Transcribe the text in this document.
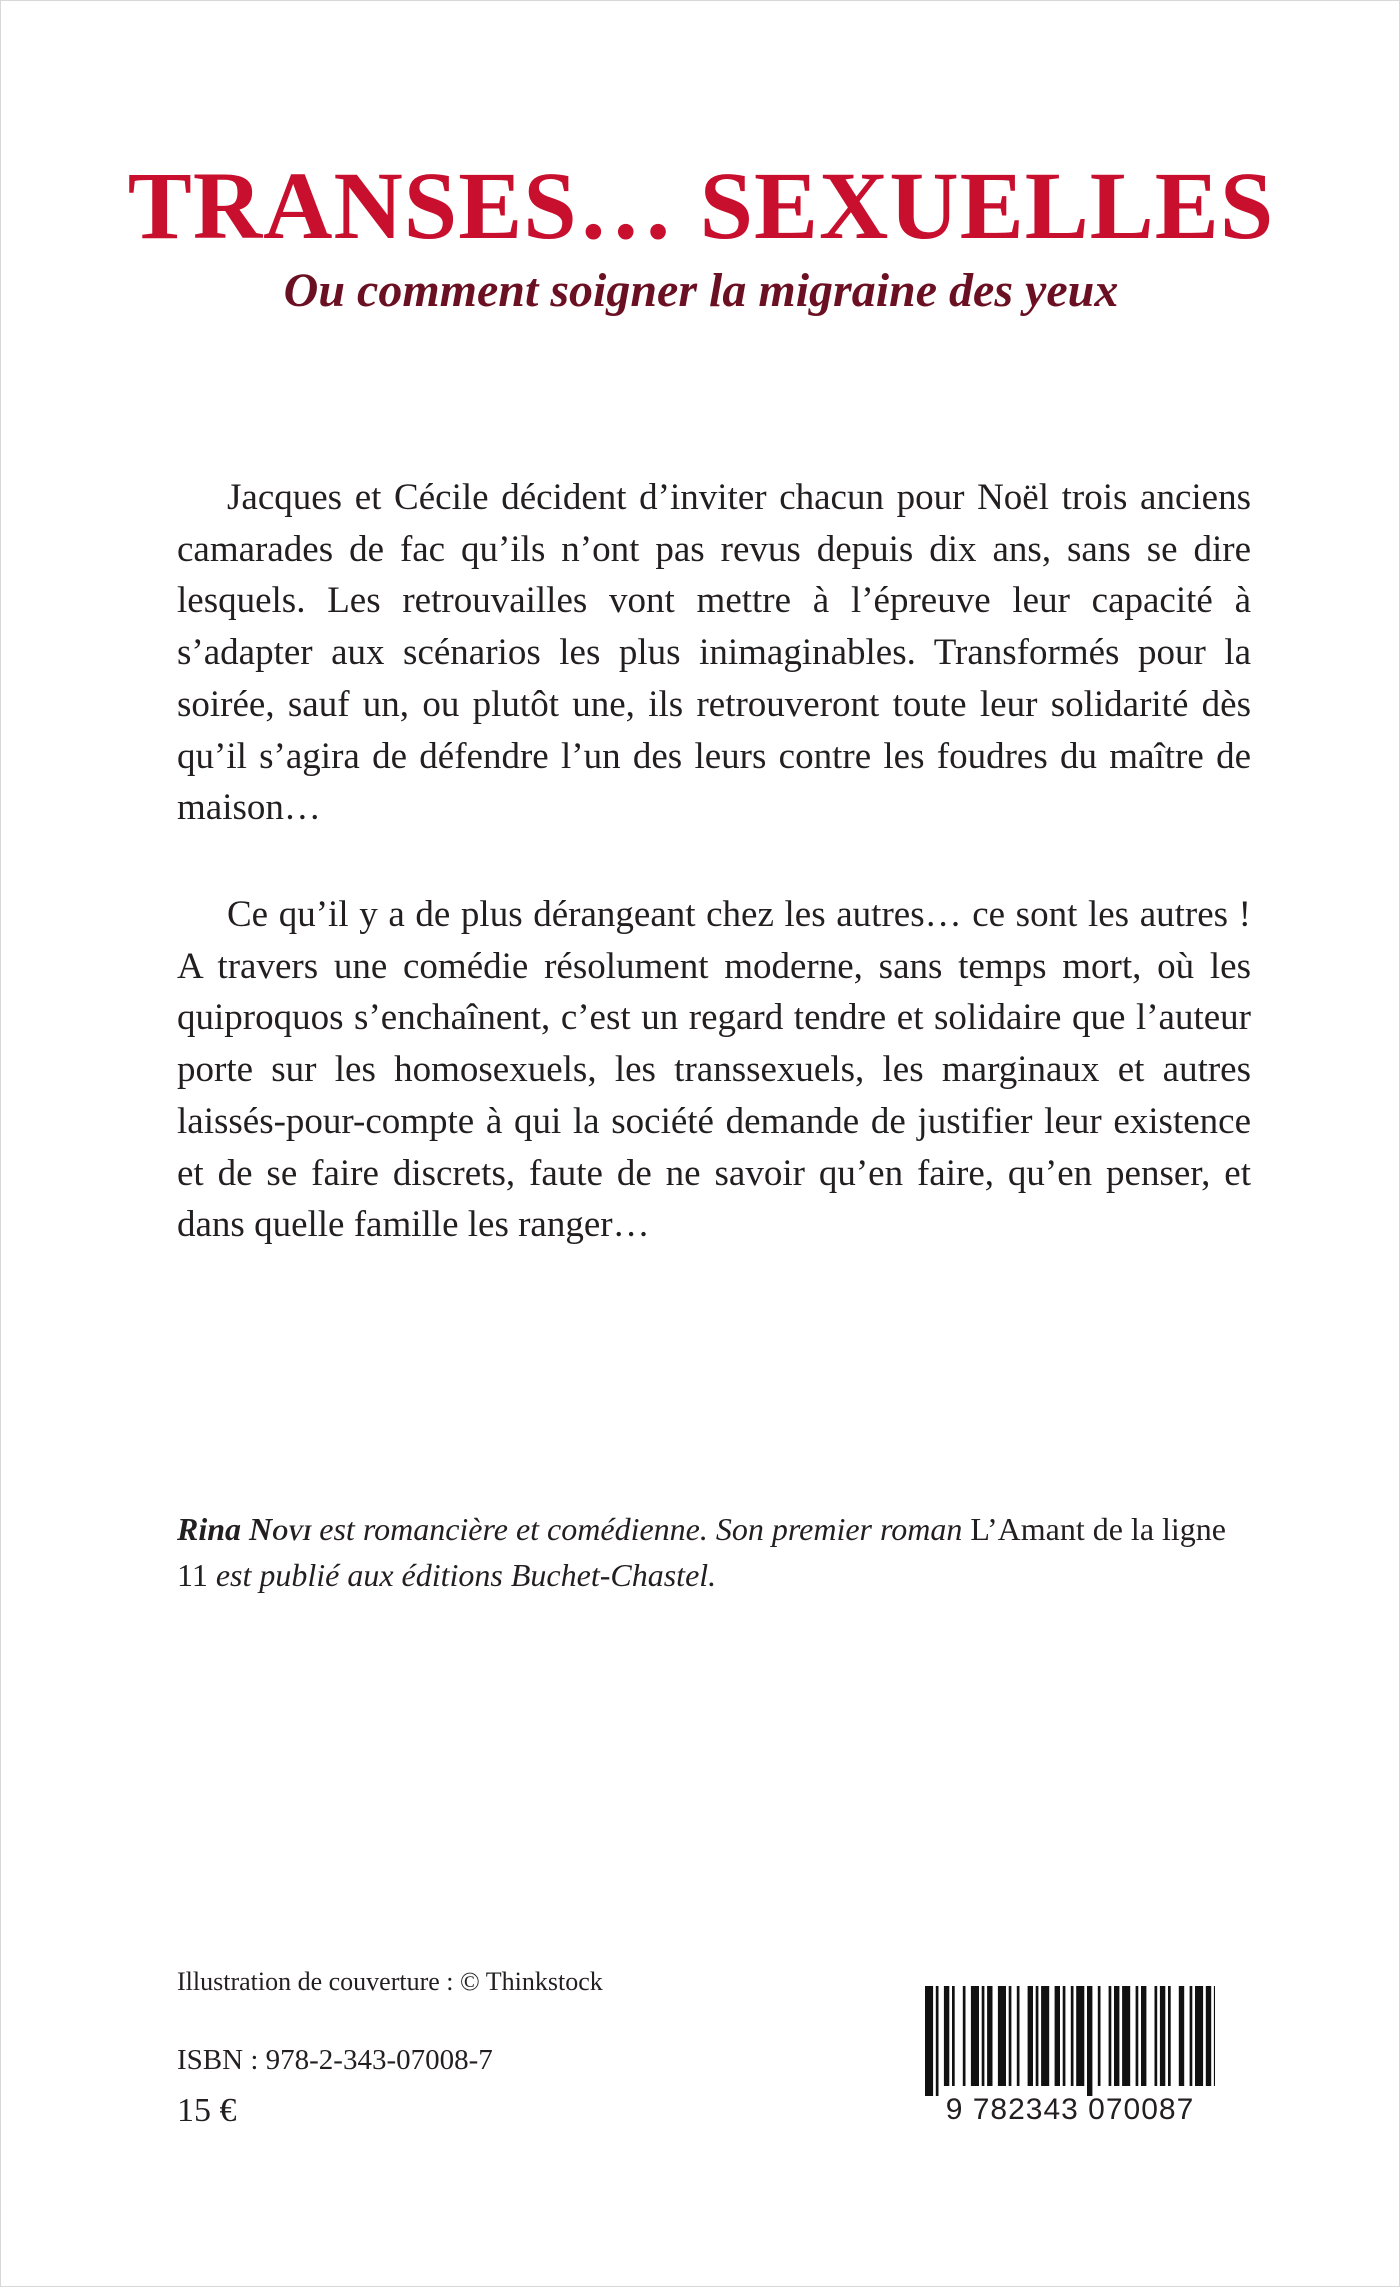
TRANSES… SEXUELLES
Ou comment soigner la migraine des yeux

Jacques et Cécile décident d’inviter chacun pour Noël trois anciens camarades de fac qu’ils n’ont pas revus depuis dix ans, sans se dire lesquels. Les retrouvailles vont mettre à l’épreuve leur capacité à s’adapter aux scénarios les plus inimaginables. Transformés pour la soirée, sauf un, ou plutôt une, ils retrouveront toute leur solidarité dès qu’il s’agira de défendre l’un des leurs contre les foudres du maître de maison…

Ce qu’il y a de plus dérangeant chez les autres… ce sont les autres ! A travers une comédie résolument moderne, sans temps mort, où les quiproquos s’enchaînent, c’est un regard tendre et solidaire que l’auteur porte sur les homosexuels, les transsexuels, les marginaux et autres laissés-pour-compte à qui la société demande de justifier leur existence et de se faire discrets, faute de ne savoir qu’en faire, qu’en penser, et dans quelle famille les ranger…

Rina Novi est romancière et comédienne. Son premier roman L’Amant de la ligne 11 est publié aux éditions Buchet-Chastel.

Illustration de couverture : © Thinkstock

ISBN : 978-2-343-07008-7

15 €	9 782343 070087
